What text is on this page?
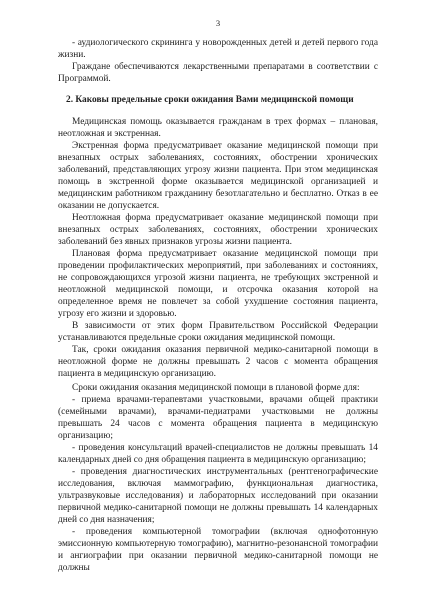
3

- аудиологического скрининга у новорожденных детей и детей первого года жизни.

Граждане обеспечиваются лекарственными препаратами в соответствии с Программой.

2. Каковы предельные сроки ожидания Вами медицинской помощи

Медицинская помощь оказывается гражданам в трех формах – плановая, неотложная и экстренная.

Экстренная форма предусматривает оказание медицинской помощи при внезапных острых заболеваниях, состояниях, обострении хронических заболеваний, представляющих угрозу жизни пациента. При этом медицинская помощь в экстренной форме оказывается медицинской организацией и медицинским работником гражданину безотлагательно и бесплатно. Отказ в ее оказании не допускается.

Неотложная форма предусматривает оказание медицинской помощи при внезапных острых заболеваниях, состояниях, обострении хронических заболеваний без явных признаков угрозы жизни пациента.

Плановая форма предусматривает оказание медицинской помощи при проведении профилактических мероприятий, при заболеваниях и состояниях, не сопровождающихся угрозой жизни пациента, не требующих экстренной и неотложной медицинской помощи, и отсрочка оказания которой на определенное время не повлечет за собой ухудшение состояния пациента, угрозу его жизни и здоровью.

В зависимости от этих форм Правительством Российской Федерации устанавливаются предельные сроки ожидания медицинской помощи.

Так, сроки ожидания оказания первичной медико-санитарной помощи в неотложной форме не должны превышать 2 часов с момента обращения пациента в медицинскую организацию.

Сроки ожидания оказания медицинской помощи в плановой форме для:

- приема врачами-терапевтами участковыми, врачами общей практики (семейными врачами), врачами-педиатрами участковыми не должны превышать 24 часов с момента обращения пациента в медицинскую организацию;

- проведения консультаций врачей-специалистов не должны превышать 14 календарных дней со дня обращения пациента в медицинскую организацию;

- проведения диагностических инструментальных (рентгенографические исследования, включая маммографию, функциональная диагностика, ультразвуковые исследования) и лабораторных исследований при оказании первичной медико-санитарной помощи не должны превышать 14 календарных дней со дня назначения;

- проведения компьютерной томографии (включая однофотонную эмиссионную компьютерную томографию), магнитно-резонансной томографии и ангиографии при оказании первичной медико-санитарной помощи не должны
